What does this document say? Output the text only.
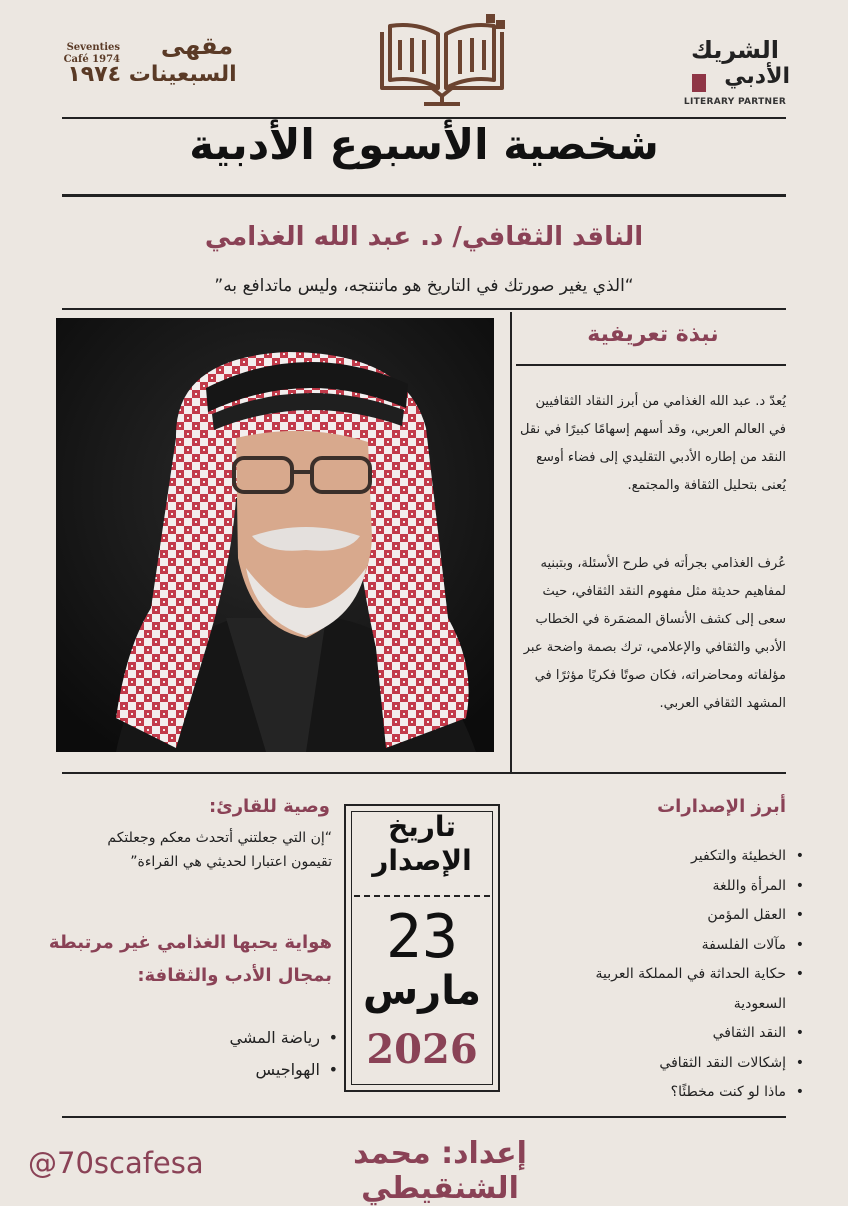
Seventies
Café 1974	مقهى
السبعينات ١٩٧٤
الشريك
الأدبي
LITERARY PARTNER
شخصية الأسبوع الأدبية
الناقد الثقافي/ د. عبد الله الغذامي
“الذي يغير صورتك في التاريخ هو ماتنتجه، وليس ماتدافع به”
نبذة تعريفية
يُعدّ د. عبد الله الغذامي من أبرز النقاد الثقافيين في العالم العربي، وقد أسهم إسهامًا كبيرًا في نقل النقد من إطاره الأدبي التقليدي إلى فضاء أوسع يُعنى بتحليل الثقافة والمجتمع.
عُرف الغذامي بجرأته في طرح الأسئلة، وبتبنيه لمفاهيم حديثة مثل مفهوم النقد الثقافي، حيث سعى إلى كشف الأنساق المضمَرة في الخطاب الأدبي والثقافي والإعلامي، ترك بصمة واضحة عبر مؤلفاته ومحاضراته، فكان صوتًا فكريًا مؤثرًا في المشهد الثقافي العربي.
أبرز الإصدارات
• الخطيئة والتكفير
• المرأة واللغة
• العقل المؤمن
• مآلات الفلسفة
• حكاية الحداثة في المملكة العربية السعودية
• النقد الثقافي
• إشكالات النقد الثقافي
• ماذا لو كنت مخطئًا؟
تاريخ
الإصدار
23
مارس
2026
وصية للقارئ:
“إن التي جعلتني أتحدث معكم وجعلتكم تقيمون اعتبارا لحديثي هي القراءة”
هواية يحبها الغذامي غير مرتبطة بمجال الأدب والثقافة:
• رياضة المشي
• الهواجيس
@70scafesa	إعداد: محمد الشنقيطي
